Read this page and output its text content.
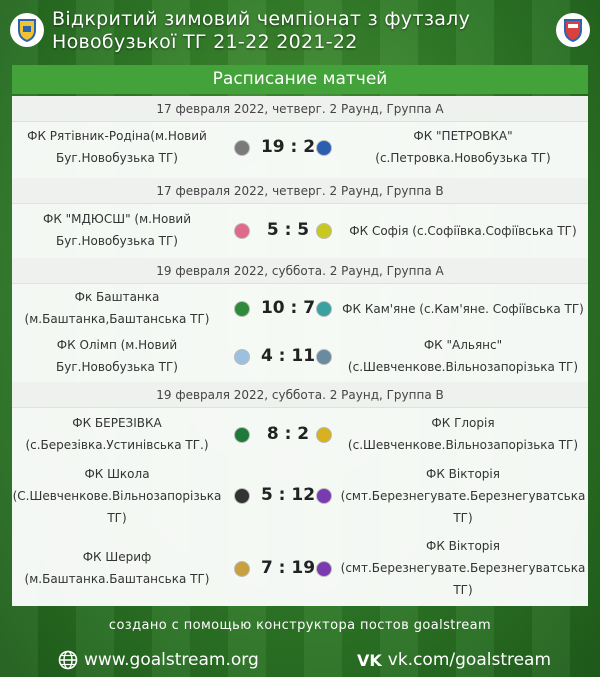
Відкритий зимовий чемпіонат з футзалу
Новобузької ТГ 21-22 2021-22
Расписание матчей
17 февраля 2022, четверг. 2 Раунд, Группа A
ФК Рятівник-Родіна(м.Новий
Буг.Новобузька ТГ)
19 : 2
ФК "ПЕТРОВКА"
(с.Петровка.Новобузька ТГ)
17 февраля 2022, четверг. 2 Раунд, Группа B
ФК "МДЮСШ" (м.Новий
Буг.Новобузька ТГ)
5 : 5	ФК Софія (с.Софіївка.Софіївська ТГ)
19 февраля 2022, суббота. 2 Раунд, Группа A
Фк Баштанка
(м.Баштанка,Баштанська ТГ)
10 : 7 ФК Кам'яне (с.Кам'яне. Софіївська ТГ)
ФК Олімп (м.Новий
Буг.Новобузька ТГ)
4 : 11
ФК "Альянс"
(с.Шевченкове.Вільнозапорізька ТГ)
19 февраля 2022, суббота. 2 Раунд, Группа B
ФК БЕРЕЗІВКА
(с.Березівка.Устинівська ТГ.)
8 : 2
ФК Глорія
(с.Шевченкове.Вільнозапорізька ТГ)
ФК Школа
(С.Шевченкове.Вільнозапорізька
ТГ)
5 : 12
ФК Вікторія
(смт.Березнегувате.Березнегуватська
ТГ)
ФК Шериф
(м.Баштанка.Баштанська ТГ)
7 : 19
ФК Вікторія
(смт.Березнегувате.Березнегуватська
ТГ)
создано с помощью конструктора постов goalstream
www.goalstream.org	VK vk.com/goalstream
